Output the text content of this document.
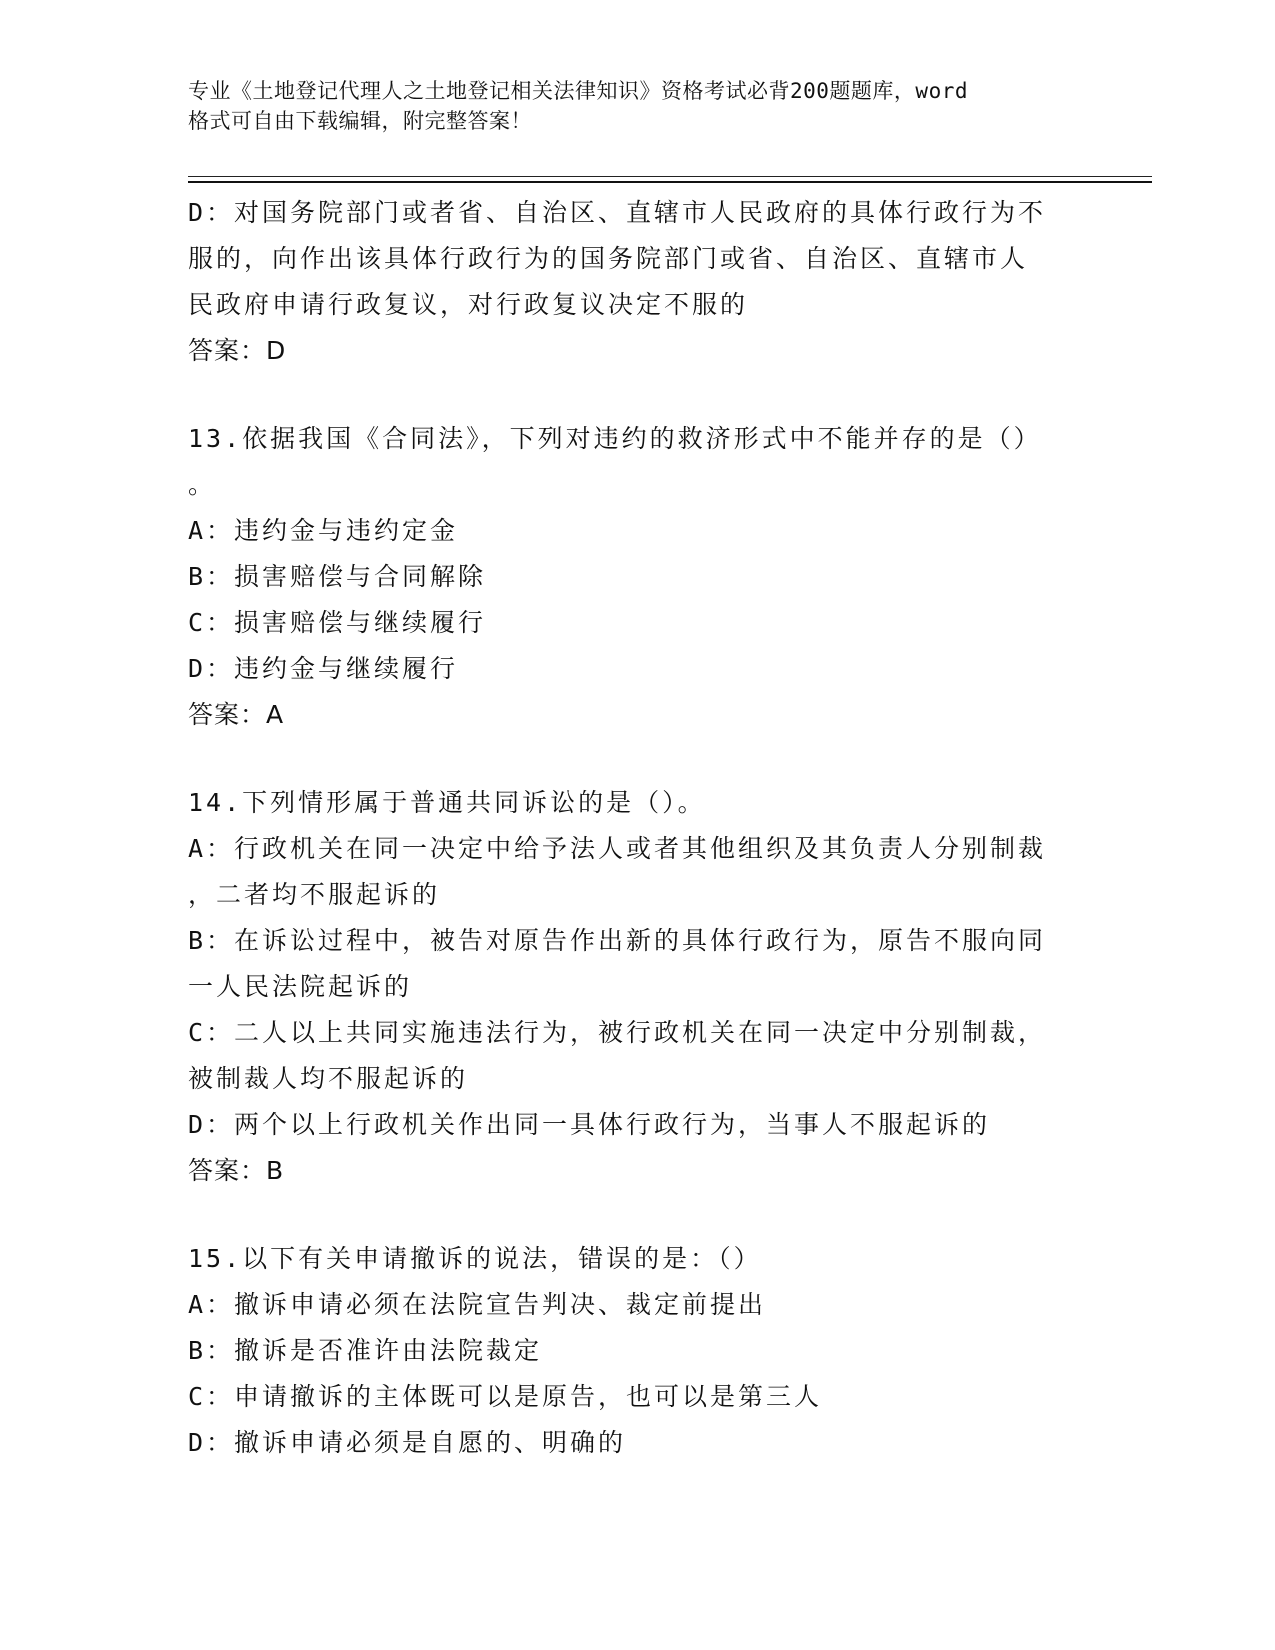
专业《土地登记代理人之土地登记相关法律知识》资格考试必背200题题库，word
格式可自由下载编辑，附完整答案！
D：对国务院部门或者省、自治区、直辖市人民政府的具体行政行为不
服的，向作出该具体行政行为的国务院部门或省、自治区、直辖市人
民政府申请行政复议，对行政复议决定不服的
答案：D
13.依据我国《合同法》，下列对违约的救济形式中不能并存的是（）
。
A：违约金与违约定金
B：损害赔偿与合同解除
C：损害赔偿与继续履行
D：违约金与继续履行
答案：A
14.下列情形属于普通共同诉讼的是（）。
A：行政机关在同一决定中给予法人或者其他组织及其负责人分别制裁
，二者均不服起诉的
B：在诉讼过程中，被告对原告作出新的具体行政行为，原告不服向同
一人民法院起诉的
C：二人以上共同实施违法行为，被行政机关在同一决定中分别制裁，
被制裁人均不服起诉的
D：两个以上行政机关作出同一具体行政行为，当事人不服起诉的
答案：B
15.以下有关申请撤诉的说法，错误的是：（）
A：撤诉申请必须在法院宣告判决、裁定前提出
B：撤诉是否准许由法院裁定
C：申请撤诉的主体既可以是原告，也可以是第三人
D：撤诉申请必须是自愿的、明确的
